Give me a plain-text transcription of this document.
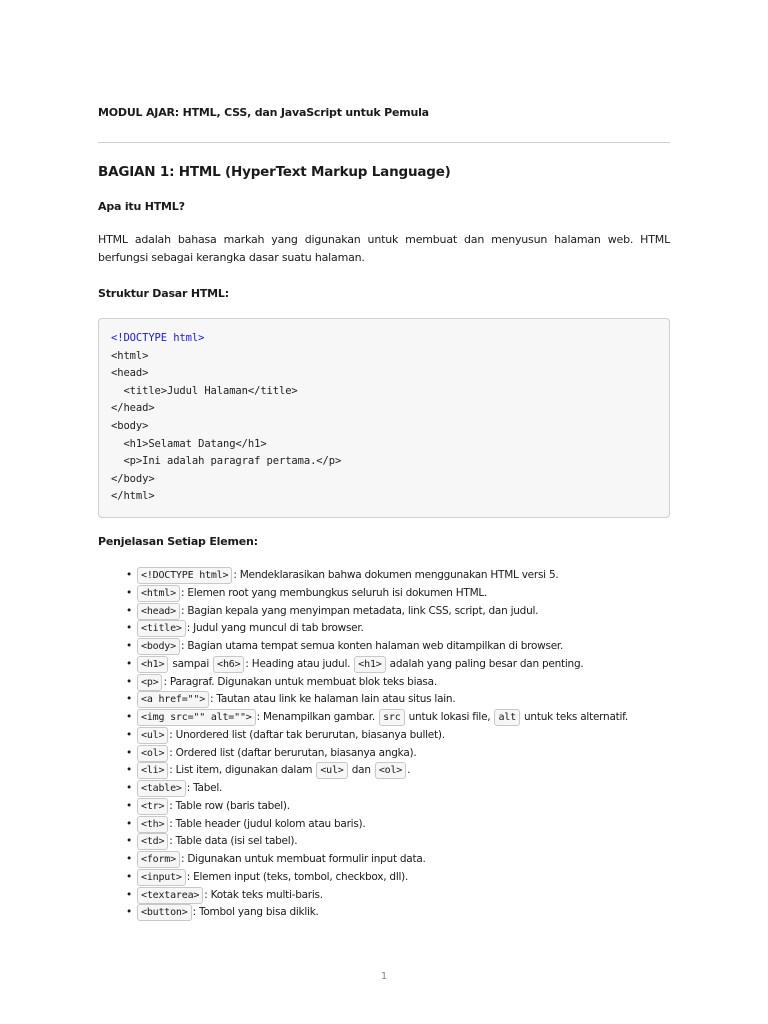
MODUL AJAR: HTML, CSS, dan JavaScript untuk Pemula
BAGIAN 1: HTML (HyperText Markup Language)
Apa itu HTML?
HTML adalah bahasa markah yang digunakan untuk membuat dan menyusun halaman web. HTML berfungsi sebagai kerangka dasar suatu halaman.
Struktur Dasar HTML:
<!DOCTYPE html>
<html>
<head>
<title>Judul Halaman</title>
</head>
<body>
<h1>Selamat Datang</h1>
<p>Ini adalah paragraf pertama.</p>
</body>
</html>
Penjelasan Setiap Elemen:
• <!DOCTYPE html> : Mendeklarasikan bahwa dokumen menggunakan HTML versi 5.
• <html> : Elemen root yang membungkus seluruh isi dokumen HTML.
• <head> : Bagian kepala yang menyimpan metadata, link CSS, script, dan judul.
• <title> : Judul yang muncul di tab browser.
• <body> : Bagian utama tempat semua konten halaman web ditampilkan di browser.
• <h1> sampai <h6> : Heading atau judul. <h1> adalah yang paling besar dan penting.
• <p> : Paragraf. Digunakan untuk membuat blok teks biasa.
• <a href=""> : Tautan atau link ke halaman lain atau situs lain.
• <img src="" alt=""> : Menampilkan gambar. src untuk lokasi file, alt untuk teks alternatif.
• <ul> : Unordered list (daftar tak berurutan, biasanya bullet).
• <ol> : Ordered list (daftar berurutan, biasanya angka).
• <li> : List item, digunakan dalam <ul> dan <ol> .
• <table> : Tabel.
• <tr> : Table row (baris tabel).
• <th> : Table header (judul kolom atau baris).
• <td> : Table data (isi sel tabel).
• <form> : Digunakan untuk membuat formulir input data.
• <input> : Elemen input (teks, tombol, checkbox, dll).
• <textarea> : Kotak teks multi-baris.
• <button> : Tombol yang bisa diklik.
1
